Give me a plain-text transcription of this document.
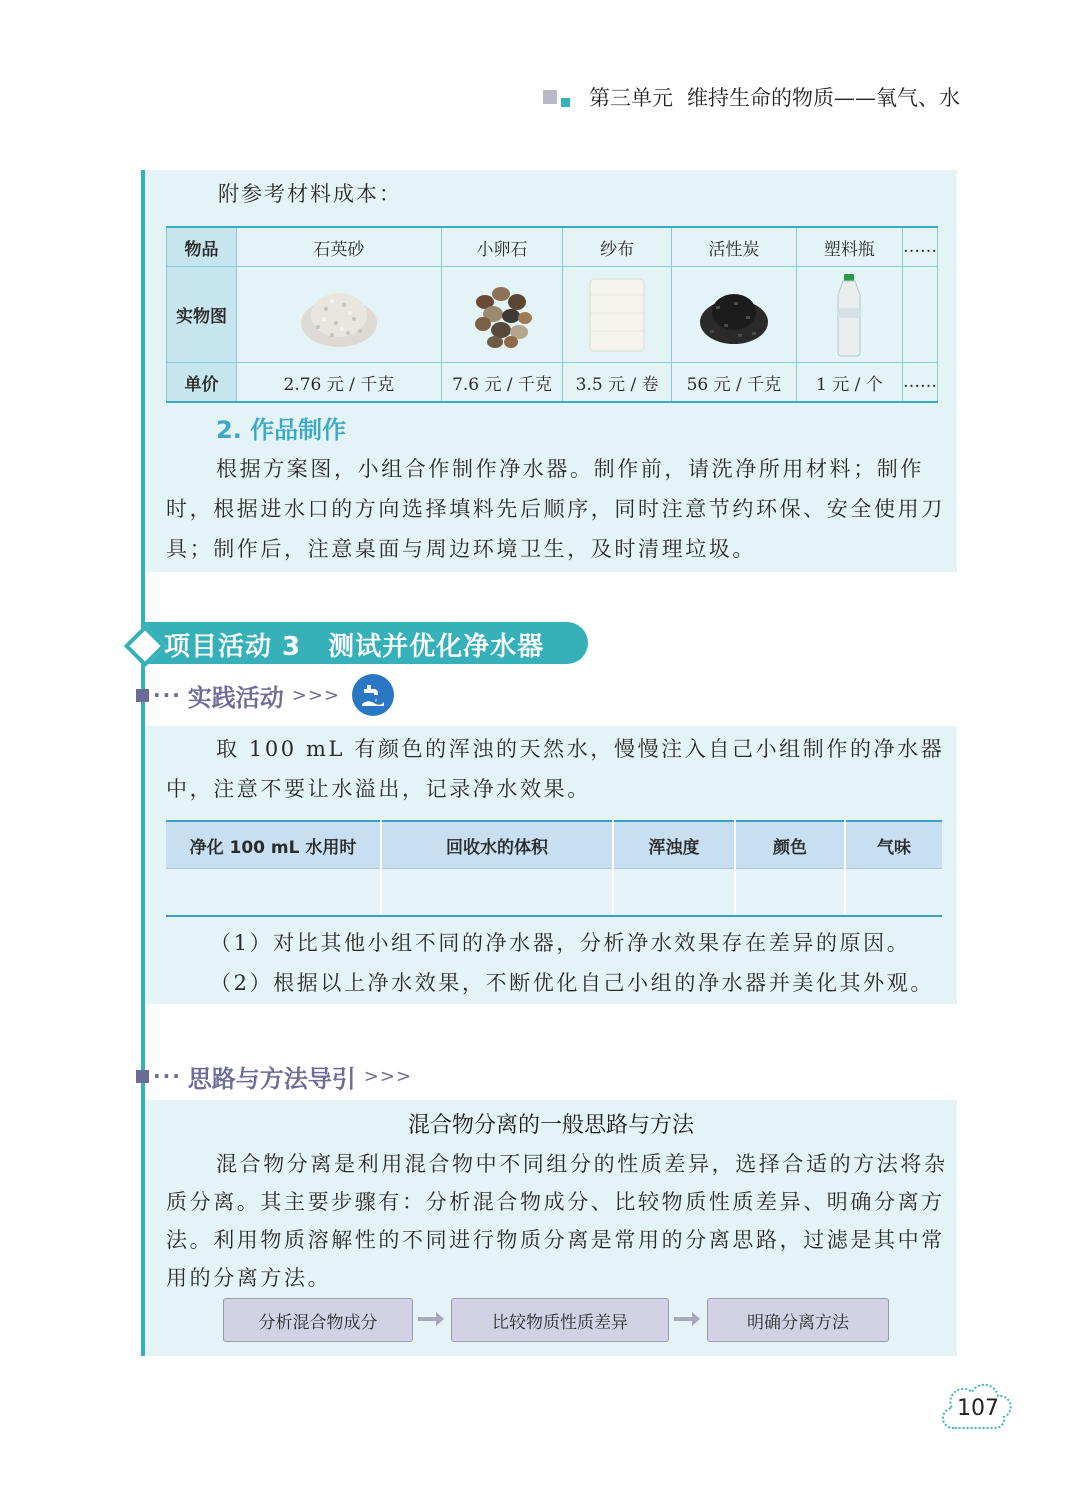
第三单元 维持生命的物质——氧气、水
附参考材料成本：
物品	石英砂	小卵石	纱布	活性炭	塑料瓶	……
实物图	

单价	2.76 元 / 千克	7.6 元 / 千克	3.5 元 / 卷	56 元 / 千克	1 元 / 个	……
2. 作品制作

根据方案图，小组合作制作净水器。制作前，请洗净所用材料；制作时，根据进水口的方向选择填料先后顺序，同时注意节约环保、安全使用刀具；制作后，注意桌面与周边环境卫生，及时清理垃圾。

项目活动 3　测试并优化净水器
··· 实践活动 >>>

取 100 mL 有颜色的浑浊的天然水，慢慢注入自己小组制作的净水器中，注意不要让水溢出，记录净水效果。

净化 100 mL 水用时	回收水的体积	浑浊度	颜色	气味

（1）对比其他小组不同的净水器，分析净水效果存在差异的原因。

（2）根据以上净水效果，不断优化自己小组的净水器并美化其外观。

··· 思路与方法导引 >>>
混合物分离的一般思路与方法

混合物分离是利用混合物中不同组分的性质差异，选择合适的方法将杂质分离。其主要步骤有：分析混合物成分、比较物质性质差异、明确分离方法。利用物质溶解性的不同进行物质分离是常用的分离思路，过滤是其中常用的分离方法。

分析混合物成分	比较物质性质差异	明确分离方法
107
